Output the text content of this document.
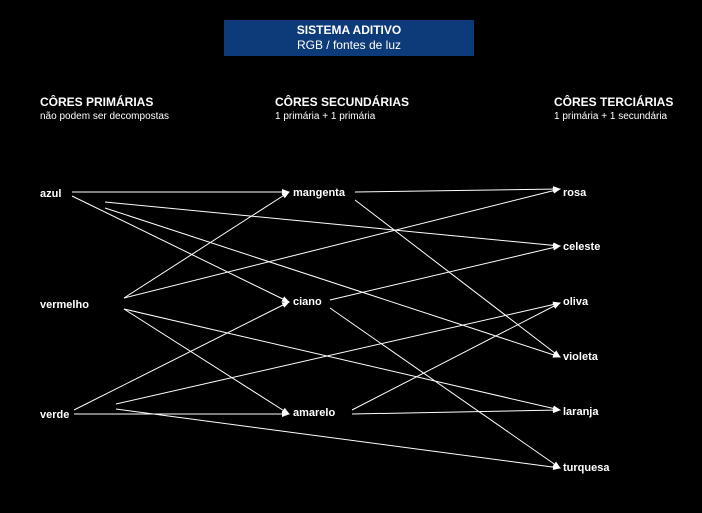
SISTEMA ADITIVO
RGB / fontes de luz
CÔRES PRIMÁRIAS
não podem ser decompostas
CÔRES SECUNDÁRIAS
1 primária + 1 primária
CÔRES TERCIÁRIAS
1 primária + 1 secundária
azul
vermelho
verde
mangenta
ciano
amarelo
rosa
celeste
oliva
violeta
laranja
turquesa
